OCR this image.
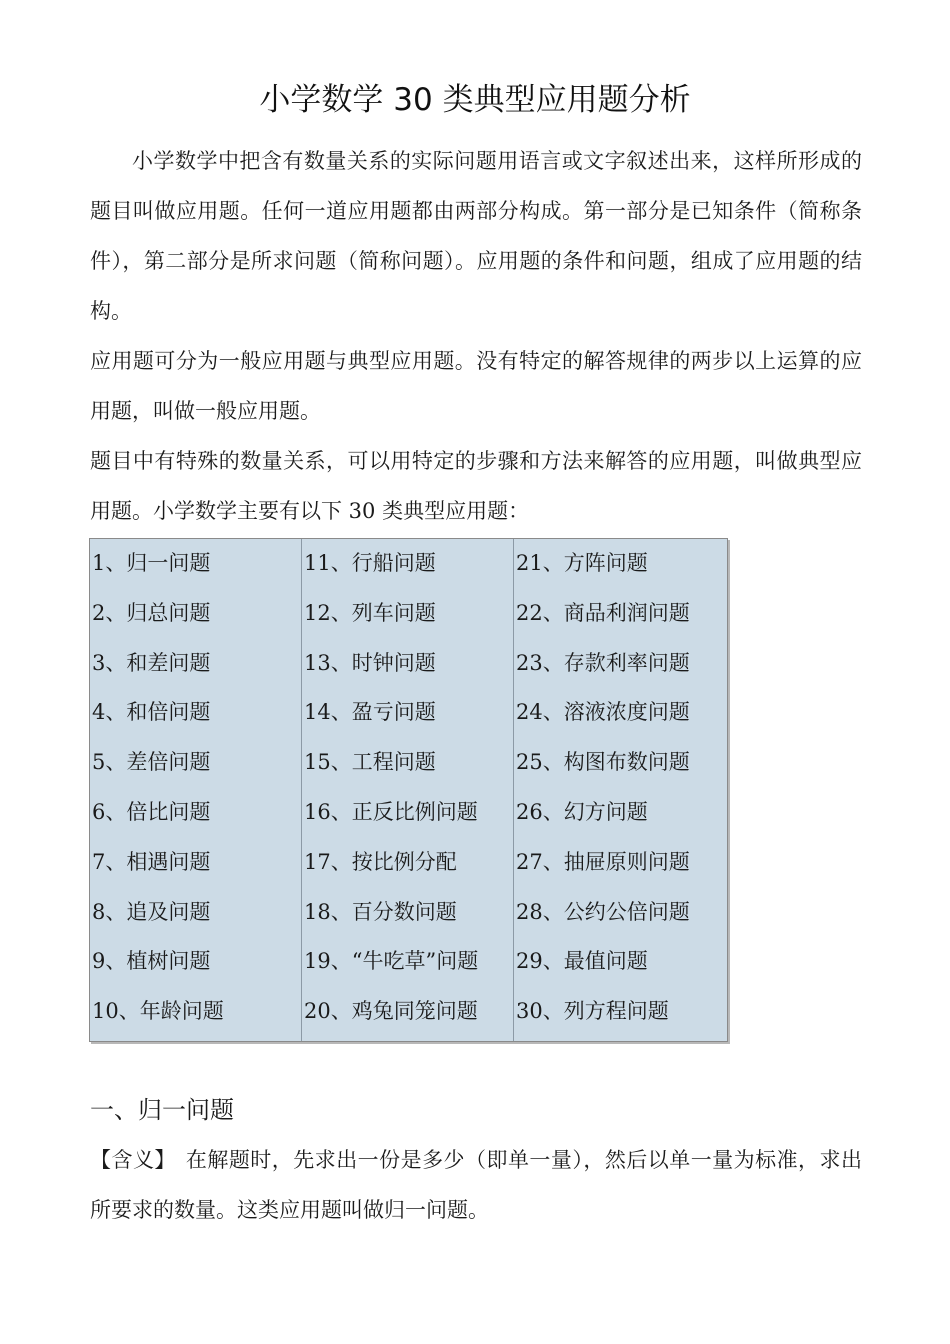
小学数学 30 类典型应用题分析

小学数学中把含有数量关系的实际问题用语言或文字叙述出来，这样所形成的题目叫做应用题。任何一道应用题都由两部分构成。第一部分是已知条件（简称条件），第二部分是所求问题（简称问题）。应用题的条件和问题，组成了应用题的结构。

应用题可分为一般应用题与典型应用题。没有特定的解答规律的两步以上运算的应用题，叫做一般应用题。

题目中有特殊的数量关系，可以用特定的步骤和方法来解答的应用题，叫做典型应用题。小学数学主要有以下 30 类典型应用题：

1、归一问题
2、归总问题
3、和差问题
4、和倍问题
5、差倍问题
6、倍比问题
7、相遇问题
8、追及问题
9、植树问题
10、年龄问题
11、行船问题
12、列车问题
13、时钟问题
14、盈亏问题
15、工程问题
16、正反比例问题
17、按比例分配
18、百分数问题
19、“牛吃草”问题
20、鸡兔同笼问题
21、方阵问题
22、商品利润问题
23、存款利率问题
24、溶液浓度问题
25、构图布数问题
26、幻方问题
27、抽屉原则问题
28、公约公倍问题
29、最值问题
30、列方程问题
一、归一问题

【含义】 在解题时，先求出一份是多少（即单一量），然后以单一量为标准，求出所要求的数量。这类应用题叫做归一问题。
